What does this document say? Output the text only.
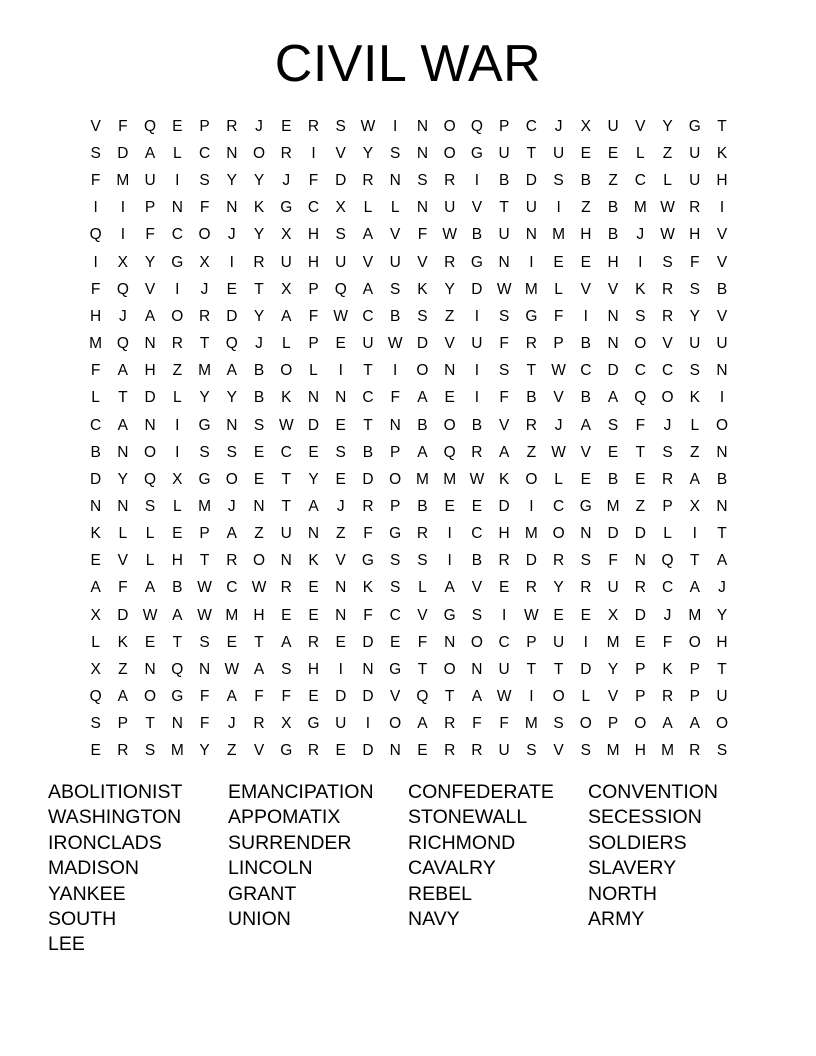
CIVIL WAR
V	F	Q	E	P	R	J	E	R	S W	I	N	O Q	P	C	J	X	U	V	Y	G	T
S	D	A	L	C	N	O	R	I	V	Y	S	N	O G	U	T	U	E	E	L	Z	U	K
F	M U	I	S	Y	Y	J	F	D	R	N	S	R	I	B	D	S	B	Z	C	L	U	H
I	I	P	N	F	N	K	G	C	X	L	L	N	U	V	T	U	I	Z	B	M W R	I
Q	I	F	C	O	J	Y	X	H	S	A	V	F W B	U	N M H	B	J	W H	V
I	X	Y	G	X	I	R	U	H	U	V	U	V	R	G	N	I	E	E	H	I	S	F	V
F	Q	V	I	J	E	T	X	P	Q	A	S	K	Y	D W M	L	V	V	K	R	S	B
H	J	A	O	R	D	Y	A	F W C	B	S	Z	I	S	G	F	I	N	S	R	Y	V
M Q	N	R	T	Q	J	L	P	E	U W D	V	U	F	R	P	B	N	O	V	U	U
F	A	H	Z	M	A	B	O	L	I	T	I	O	N	I	S	T W C	D	C	C	S	N
L	T	D	L	Y	Y	B	K	N	N	C	F	A	E	I	F	B	V	B	A	Q O	K	I
C	A	N	I	G	N	S W D	E	T	N	B	O	B	V	R	J	A	S	F	J	L	O
B	N	O	I	S	S	E	C	E	S	B	P	A	Q	R	A	Z W V	E	T	S	Z	N
D	Y	Q	X	G O	E	T	Y	E	D	O M M W K	O	L	E	B	E	R	A	B
N	N	S	L	M	J	N	T	A	J	R	P	B	E	E	D	I	C	G M	Z	P	X	N
K	L	L	E	P	A	Z	U	N	Z	F	G	R	I	C	H M O	N	D	D	L	I	T
E	V	L	H	T	R	O	N	K	V	G	S	S	I	B	R	D	R	S	F	N	Q	T	A
A	F	A	B W C W R	E	N	K	S	L	A	V	E	R	Y	R	U	R	C	A	J
X	D W A W M H	E	E	N	F	C	V	G	S	I	W E	E	X	D	J	M	Y
L	K	E	T	S	E	T	A	R	E	D	E	F	N	O	C	P	U	I	M	E	F	O	H
X	Z	N	Q	N W A	S	H	I	N	G	T	O	N	U	T	T	D	Y	P	K	P	T
Q	A	O G	F	A	F	F	E	D	D	V	Q	T	A W	I	O	L	V	P	R	P	U
S	P	T	N	F	J	R	X	G	U	I	O	A	R	F	F	M	S	O	P	O	A	A	O
E	R	S	M	Y	Z	V	G	R	E	D	N	E	R	R	U	S	V	S	M H M R	S
ABOLITIONIST	EMANCIPATION	CONFEDERATE	CONVENTION
WASHINGTON	APPOMATIX	STONEWALL	SECESSION
IRONCLADS	SURRENDER	RICHMOND	SOLDIERS
MADISON	LINCOLN	CAVALRY	SLAVERY
YANKEE	GRANT	REBEL	NORTH
SOUTH	UNION	NAVY	ARMY
LEE
